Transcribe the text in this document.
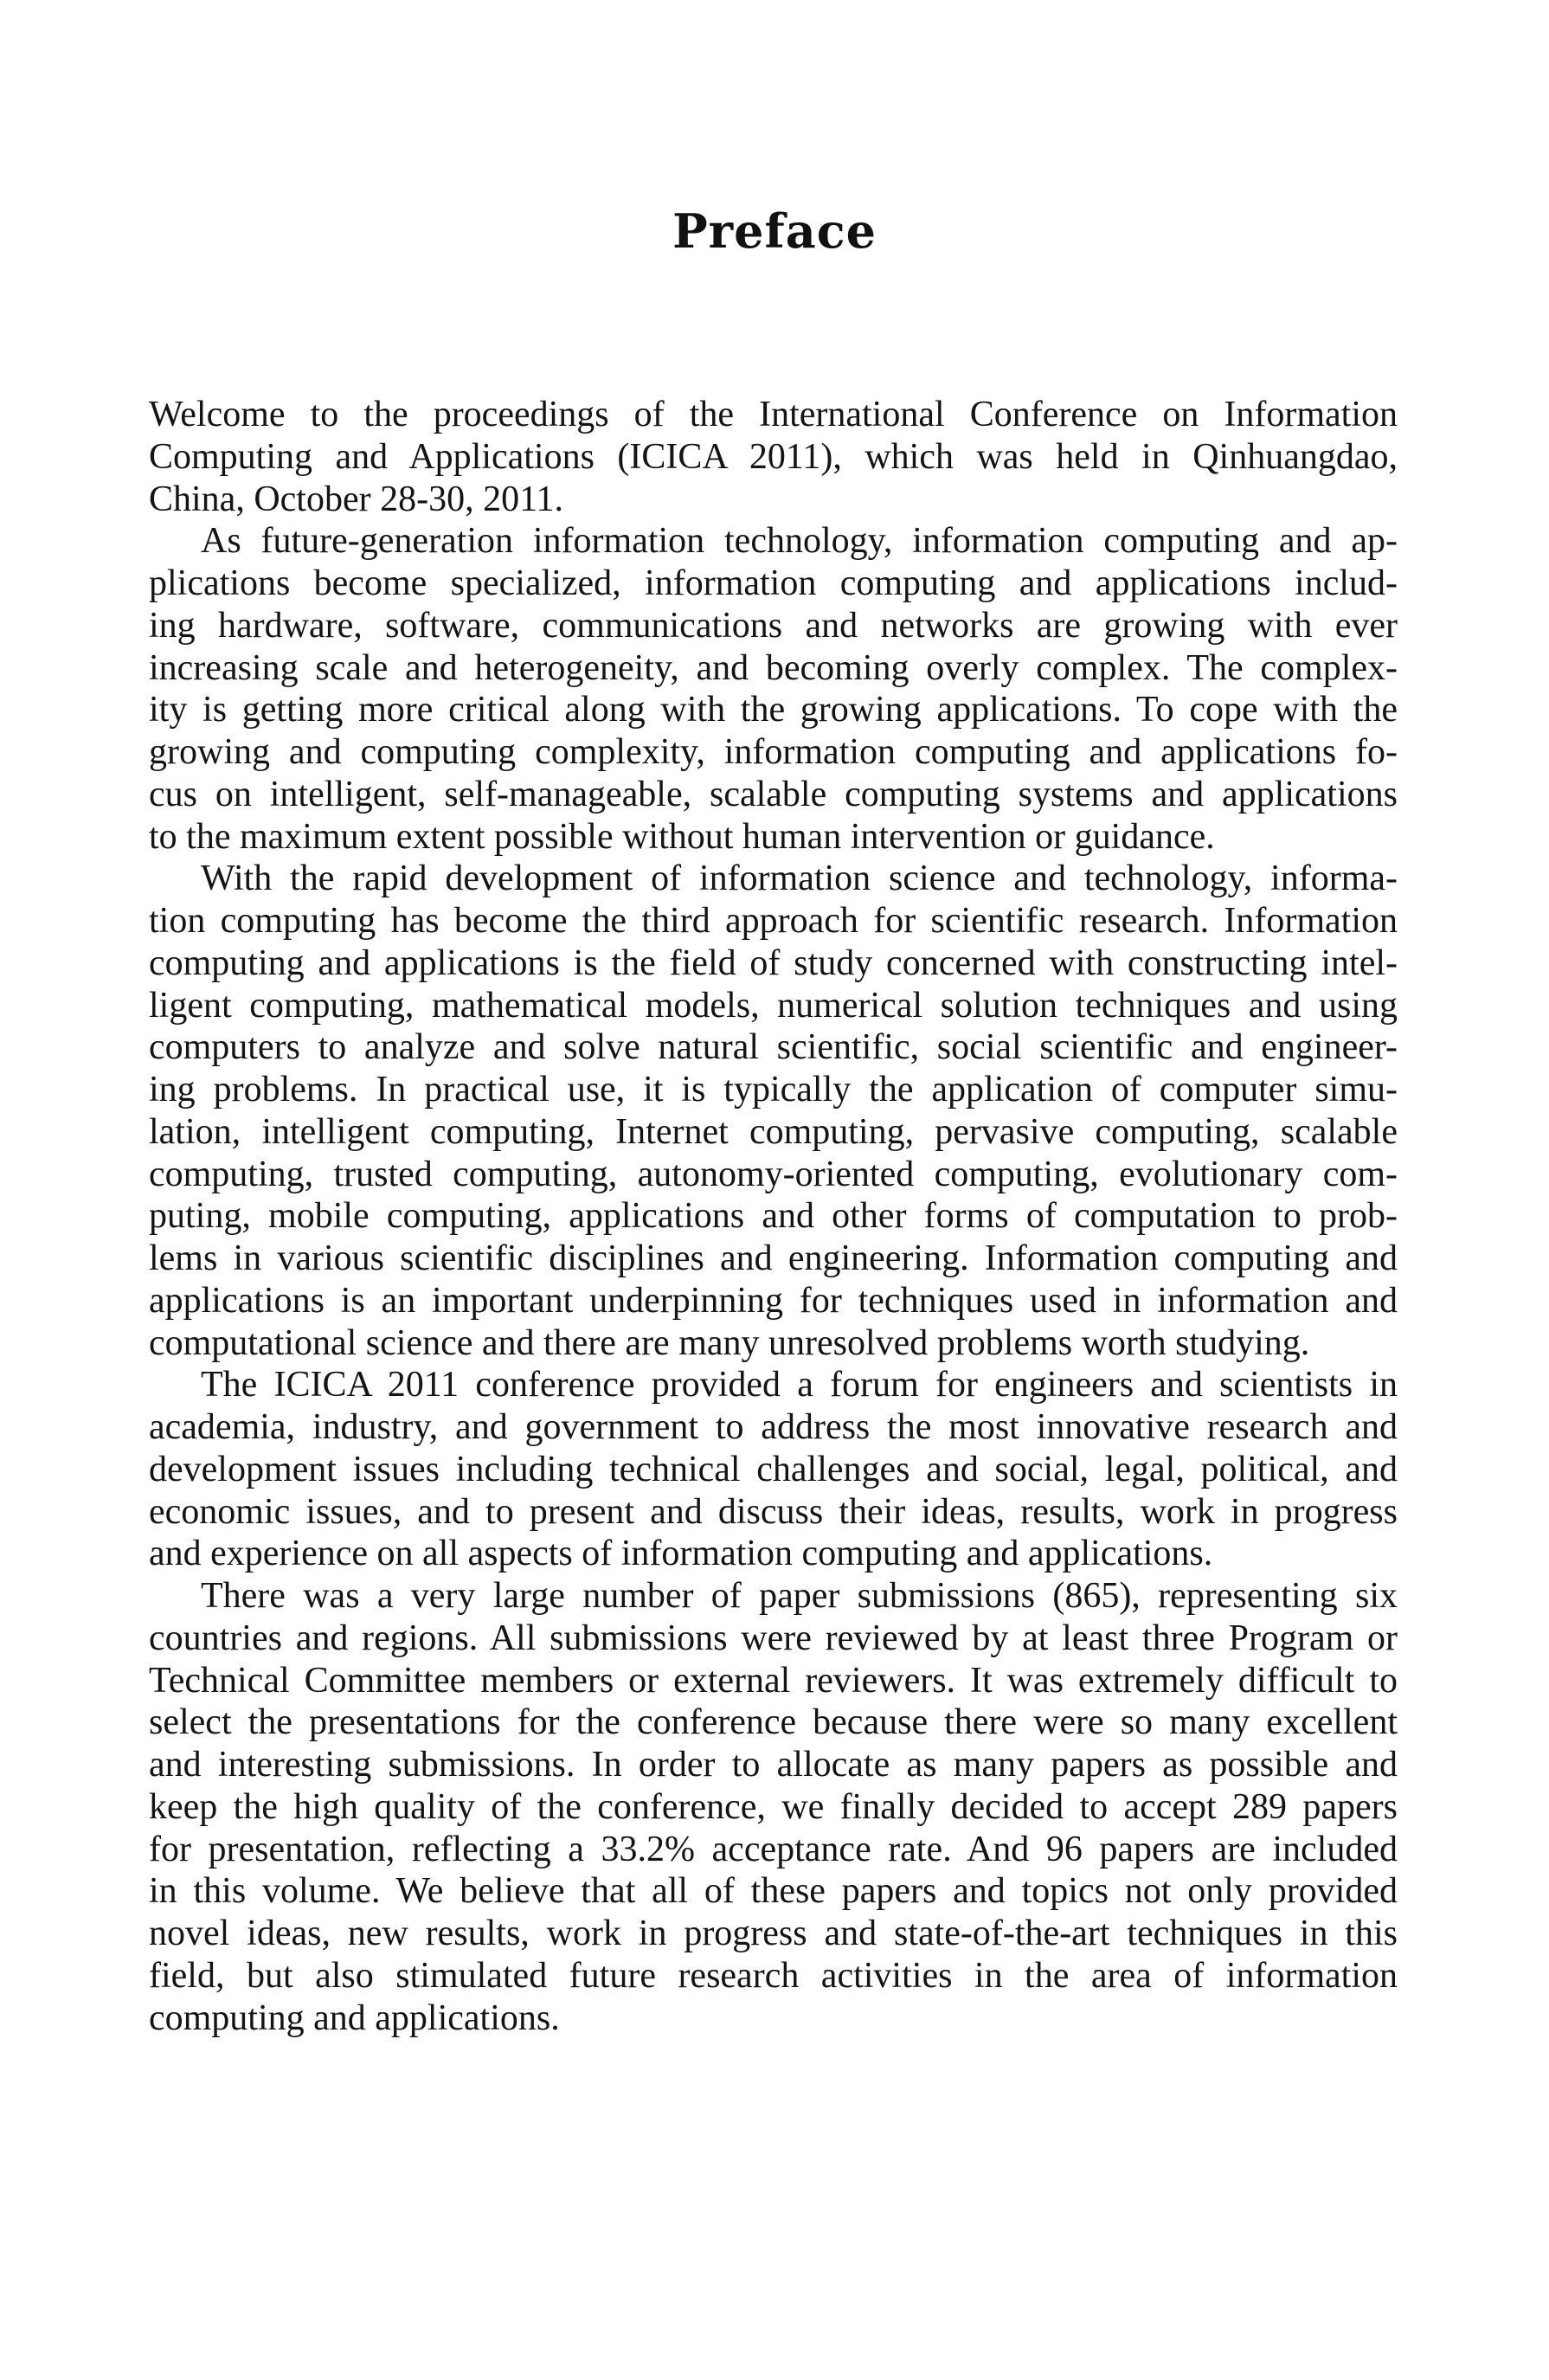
Preface
Welcome to the proceedings of the International Conference on Information
Computing and Applications (ICICA 2011), which was held in Qinhuangdao,
China, October 28-30, 2011.
As future-generation information technology, information computing and ap-
plications become specialized, information computing and applications includ-
ing hardware, software, communications and networks are growing with ever
increasing scale and heterogeneity, and becoming overly complex. The complex-
ity is getting more critical along with the growing applications. To cope with the
growing and computing complexity, information computing and applications fo-
cus on intelligent, self-manageable, scalable computing systems and applications
to the maximum extent possible without human intervention or guidance.
With the rapid development of information science and technology, informa-
tion computing has become the third approach for scientific research. Information
computing and applications is the field of study concerned with constructing intel-
ligent computing, mathematical models, numerical solution techniques and using
computers to analyze and solve natural scientific, social scientific and engineer-
ing problems. In practical use, it is typically the application of computer simu-
lation, intelligent computing, Internet computing, pervasive computing, scalable
computing, trusted computing, autonomy-oriented computing, evolutionary com-
puting, mobile computing, applications and other forms of computation to prob-
lems in various scientific disciplines and engineering. Information computing and
applications is an important underpinning for techniques used in information and
computational science and there are many unresolved problems worth studying.
The ICICA 2011 conference provided a forum for engineers and scientists in
academia, industry, and government to address the most innovative research and
development issues including technical challenges and social, legal, political, and
economic issues, and to present and discuss their ideas, results, work in progress
and experience on all aspects of information computing and applications.
There was a very large number of paper submissions (865), representing six
countries and regions. All submissions were reviewed by at least three Program or
Technical Committee members or external reviewers. It was extremely difficult to
select the presentations for the conference because there were so many excellent
and interesting submissions. In order to allocate as many papers as possible and
keep the high quality of the conference, we finally decided to accept 289 papers
for presentation, reflecting a 33.2% acceptance rate. And 96 papers are included
in this volume. We believe that all of these papers and topics not only provided
novel ideas, new results, work in progress and state-of-the-art techniques in this
field, but also stimulated future research activities in the area of information
computing and applications.
